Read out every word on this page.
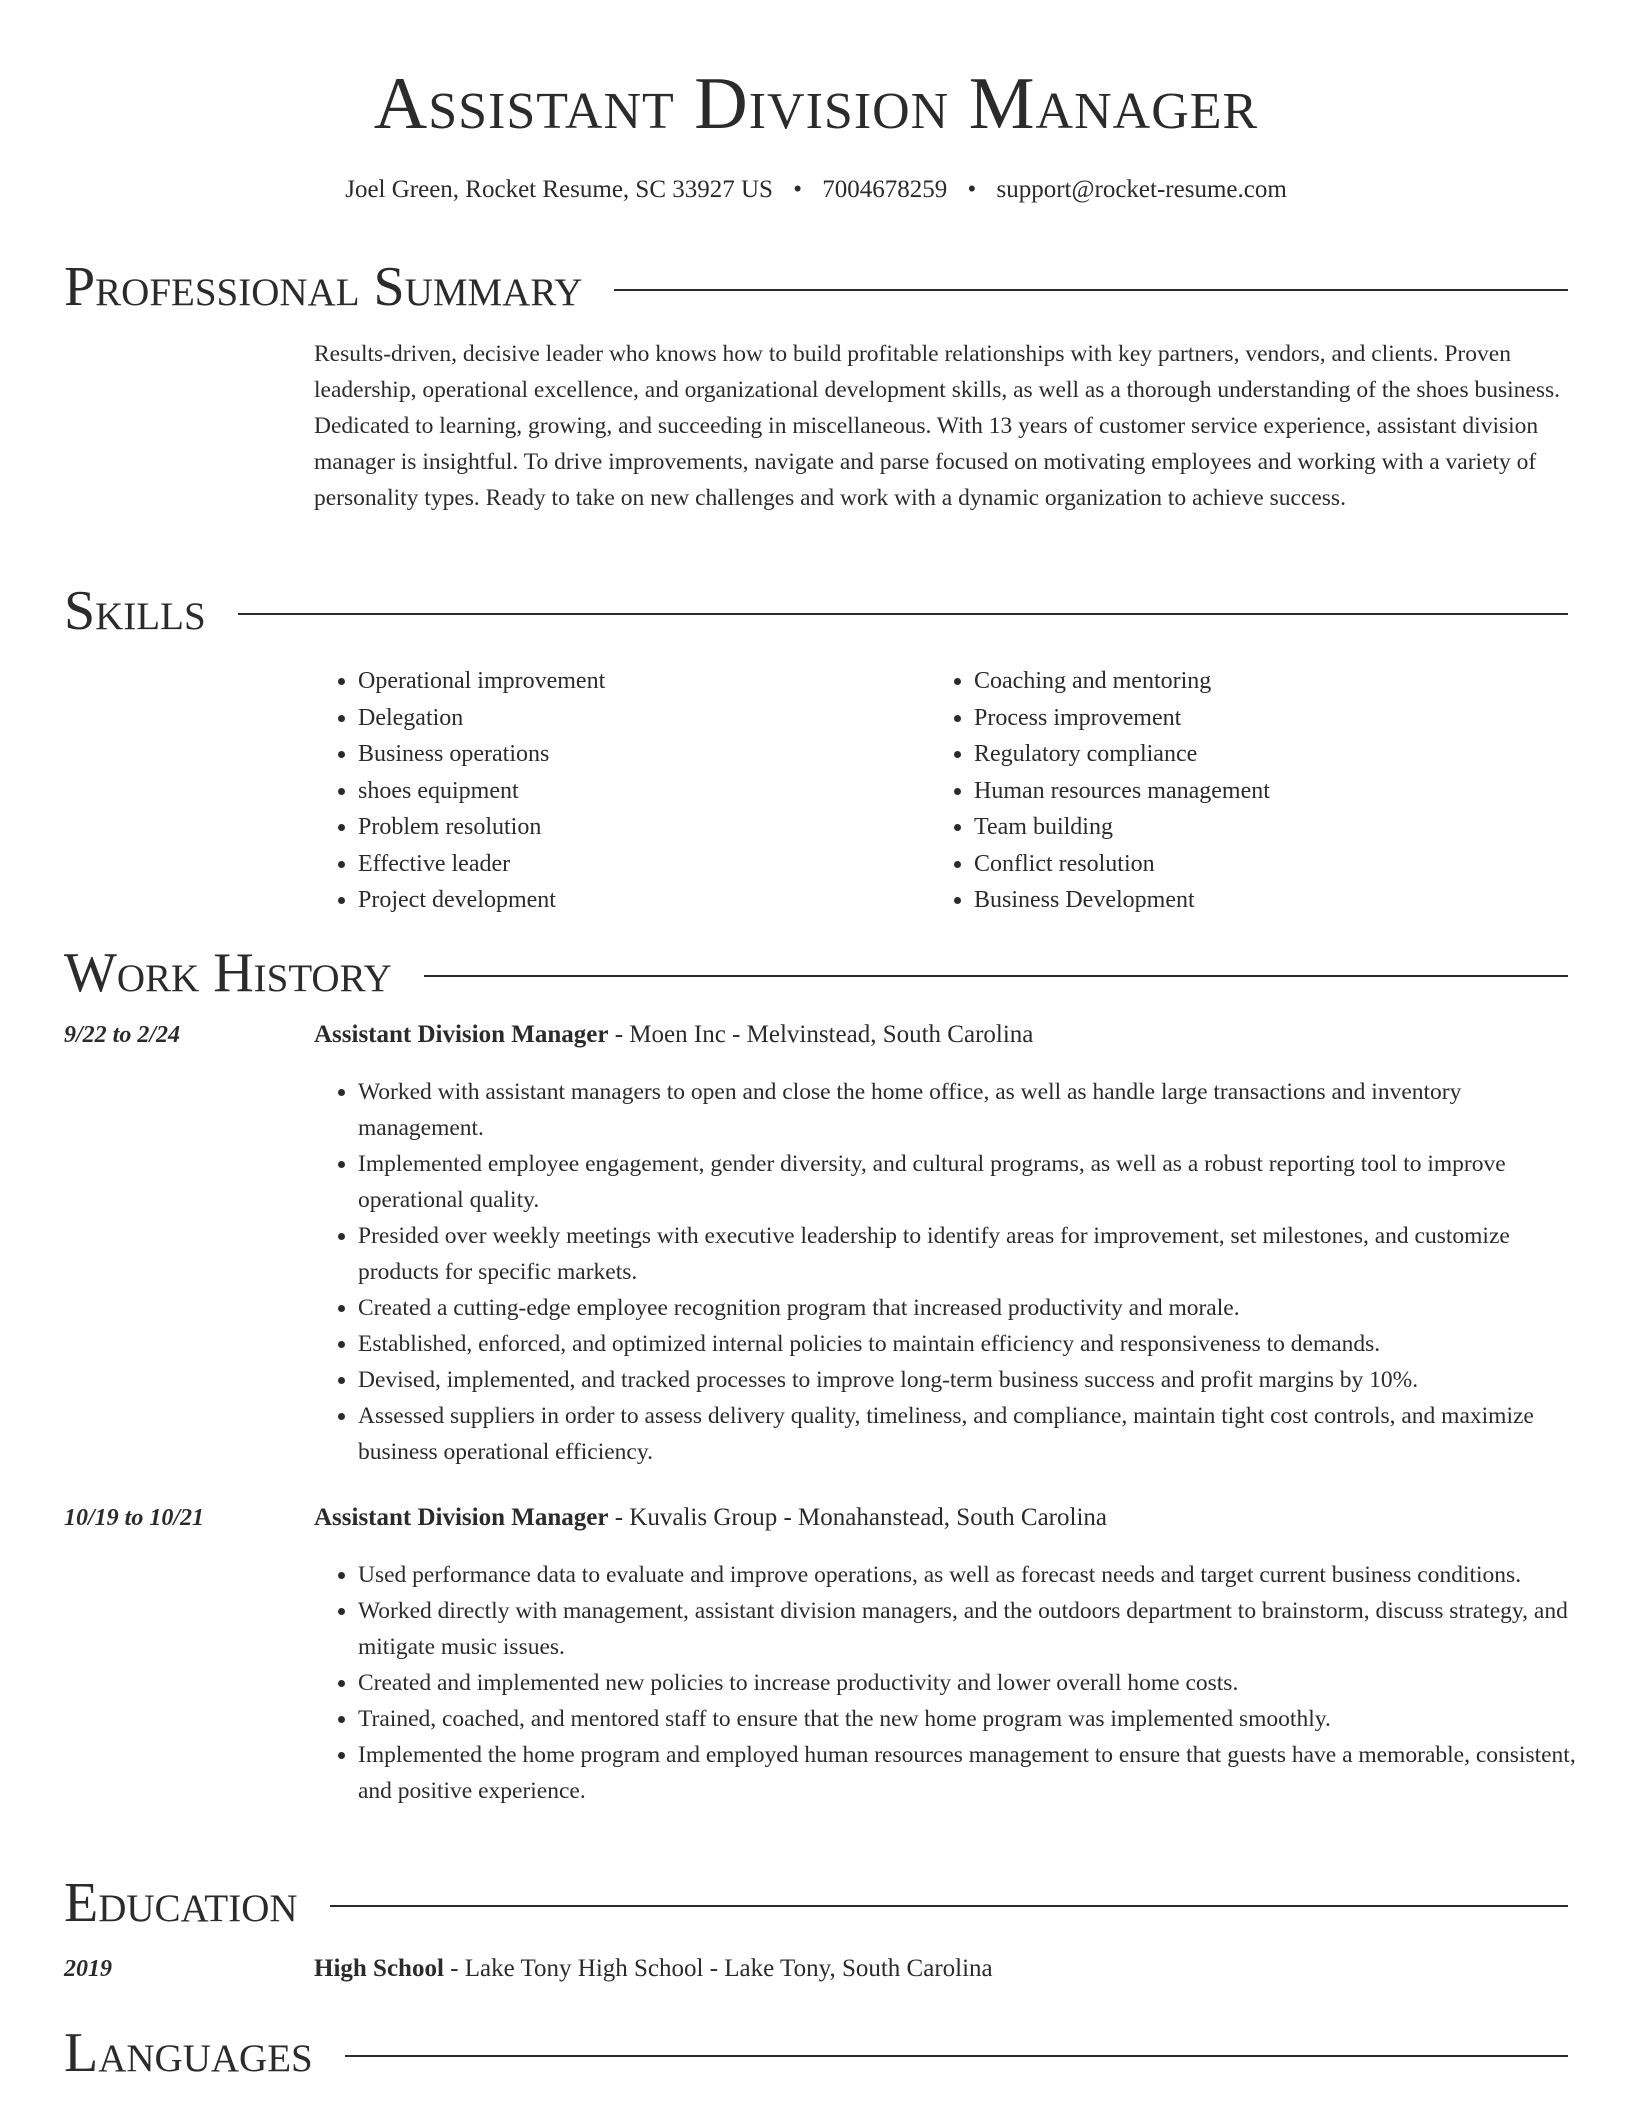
Assistant Division Manager
Joel Green, Rocket Resume, SC 33927 US • 7004678259 • support@rocket-resume.com
Professional Summary
Results-driven, decisive leader who knows how to build profitable relationships with key partners, vendors, and clients. Proven leadership, operational excellence, and organizational development skills, as well as a thorough understanding of the shoes business. Dedicated to learning, growing, and succeeding in miscellaneous. With 13 years of customer service experience, assistant division manager is insightful. To drive improvements, navigate and parse focused on motivating employees and working with a variety of personality types. Ready to take on new challenges and work with a dynamic organization to achieve success.
Skills
• Operational improvement
• Delegation
• Business operations
• shoes equipment
• Problem resolution
• Effective leader
• Project development
• Coaching and mentoring
• Process improvement
• Regulatory compliance
• Human resources management
• Team building
• Conflict resolution
• Business Development
Work History
9/22 to 2/24	Assistant Division Manager - Moen Inc - Melvinstead, South Carolina
• Worked with assistant managers to open and close the home office, as well as handle large transactions and inventory management.
• Implemented employee engagement, gender diversity, and cultural programs, as well as a robust reporting tool to improve operational quality.
• Presided over weekly meetings with executive leadership to identify areas for improvement, set milestones, and customize products for specific markets.
• Created a cutting-edge employee recognition program that increased productivity and morale.
• Established, enforced, and optimized internal policies to maintain efficiency and responsiveness to demands.
• Devised, implemented, and tracked processes to improve long-term business success and profit margins by 10%.
• Assessed suppliers in order to assess delivery quality, timeliness, and compliance, maintain tight cost controls, and maximize business operational efficiency.
10/19 to 10/21	Assistant Division Manager - Kuvalis Group - Monahanstead, South Carolina
• Used performance data to evaluate and improve operations, as well as forecast needs and target current business conditions.
• Worked directly with management, assistant division managers, and the outdoors department to brainstorm, discuss strategy, and mitigate music issues.
• Created and implemented new policies to increase productivity and lower overall home costs.
• Trained, coached, and mentored staff to ensure that the new home program was implemented smoothly.
• Implemented the home program and employed human resources management to ensure that guests have a memorable, consistent, and positive experience.
Education
2019	High School - Lake Tony High School - Lake Tony, South Carolina
Languages
